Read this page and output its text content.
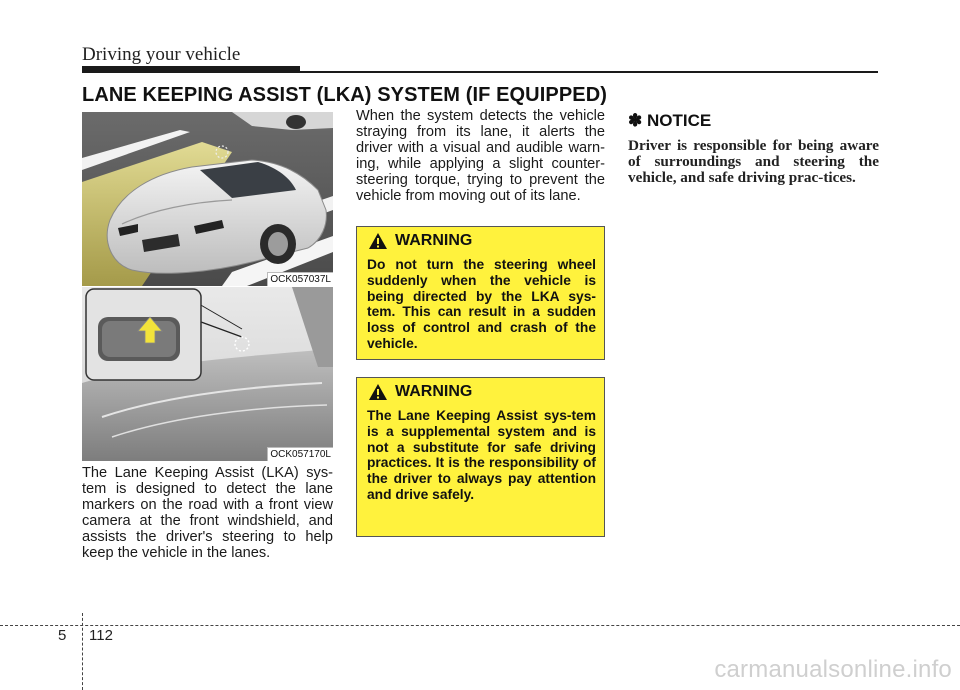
Driving your vehicle
LANE KEEPING ASSIST (LKA) SYSTEM (IF EQUIPPED)
OCK057037L
OCK057170L
The Lane Keeping Assist (LKA) sys-tem is designed to detect the lane markers on the road with a front view camera at the front windshield, and assists the driver's steering to help keep the vehicle in the lanes.
When the system detects the vehicle straying from its lane, it alerts the driver with a visual and audible warn-ing, while applying a slight counter-steering torque, trying to prevent the vehicle from moving out of its lane.
WARNING
Do not turn the steering wheel suddenly when the vehicle is being directed by the LKA sys-tem. This can result in a sudden loss of control and crash of the vehicle.
WARNING
The Lane Keeping Assist sys-tem is a supplemental system and is not a substitute for safe driving practices. It is the responsibility of the driver to always pay attention and drive safely.
✽ NOTICE
Driver is responsible for being aware of surroundings and steering the vehicle, and safe driving prac-tices.
5 112
carmanualsonline.info
